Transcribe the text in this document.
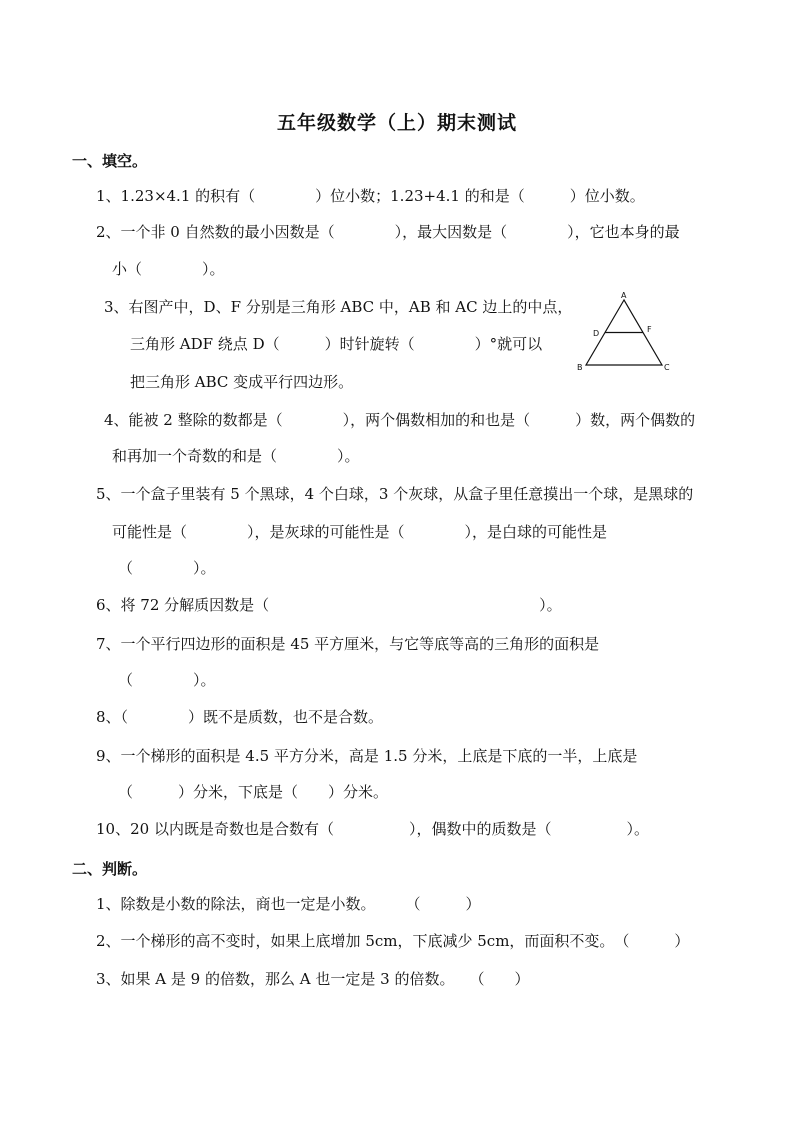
五年级数学（上）期末测试
一、填空。
1、1.23×4.1 的积有（　　　　）位小数；1.23+4.1 的和是（　　　）位小数。
2、一个非 0 自然数的最小因数是（　　　　），最大因数是（　　　　），它也本身的最
小（　　　　）。
3、右图产中，D、F 分别是三角形 ABC 中，AB 和 AC 边上的中点，
三角形 ADF 绕点 D（　　　）时针旋转（　　　　）°就可以
把三角形 ABC 变成平行四边形。
A
B	C
D	F
4、能被 2 整除的数都是（　　　　），两个偶数相加的和也是（　　　）数，两个偶数的
和再加一个奇数的和是（　　　　）。
5、一个盒子里装有 5 个黑球，4 个白球，3 个灰球，从盒子里任意摸出一个球，是黑球的
可能性是（　　　　），是灰球的可能性是（　　　　），是白球的可能性是
（　　　　）。
6、将 72 分解质因数是（　　　　　　　　　　　　　　　　　　）。
7、一个平行四边形的面积是 45 平方厘米，与它等底等高的三角形的面积是
（　　　　）。
8、（　　　　）既不是质数，也不是合数。
9、一个梯形的面积是 4.5 平方分米，高是 1.5 分米，上底是下底的一半，上底是
（　　　）分米，下底是（　　）分米。
10、20 以内既是奇数也是合数有（　　　　　），偶数中的质数是（　　　　　）。
二、判断。
1、除数是小数的除法，商也一定是小数。　　　（　　　）
2、一个梯形的高不变时，如果上底增加 5cm，下底减少 5cm，而面积不变。　（　　　）
3、如果 A 是 9 的倍数，那么 A 也一定是 3 的倍数。　　（　　）
